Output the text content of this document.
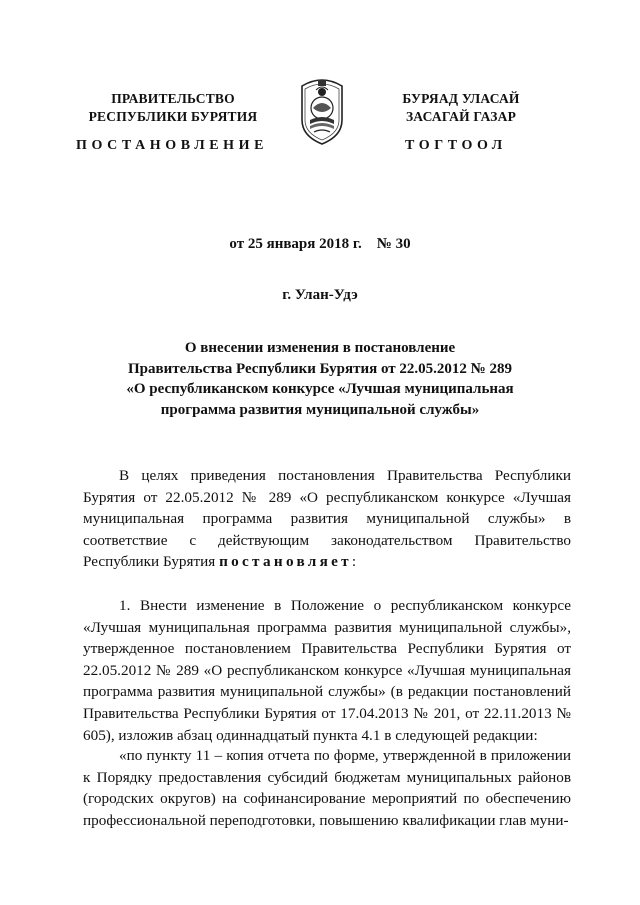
ПРАВИТЕЛЬСТВО
РЕСПУБЛИКИ БУРЯТИЯ
ПОСТАНОВЛЕНИЕ
БУРЯАД УЛАСАЙ
ЗАСАГАЙ ГАЗАР
ТОГТООЛ
от 25 января 2018 г.    № 30
г. Улан-Удэ
О внесении изменения в постановление
Правительства Республики Бурятия от 22.05.2012 № 289
«О республиканском конкурсе «Лучшая муниципальная
программа развития муниципальной службы»
В целях приведения постановления Правительства Республики Бурятия от 22.05.2012 № 289 «О республиканском конкурсе «Лучшая муниципальная программа развития муниципальной службы» в соответствие с действующим законодательством Правительство Республики Бурятия постановляет:
1. Внести изменение в Положение о республиканском конкурсе «Лучшая муниципальная программа развития муниципальной службы», утвержденное постановлением Правительства Республики Бурятия от 22.05.2012 № 289 «О республиканском конкурсе «Лучшая муниципальная программа развития муниципальной службы» (в редакции постановлений Правительства Республики Бурятия от 17.04.2013 № 201, от 22.11.2013 № 605), изложив абзац одиннадцатый пункта 4.1 в следующей редакции:
«по пункту 11 – копия отчета по форме, утвержденной в приложении к Порядку предоставления субсидий бюджетам муниципальных районов (городских округов) на софинансирование мероприятий по обеспечению профессиональной переподготовки, повышению квалификации глав муни-
